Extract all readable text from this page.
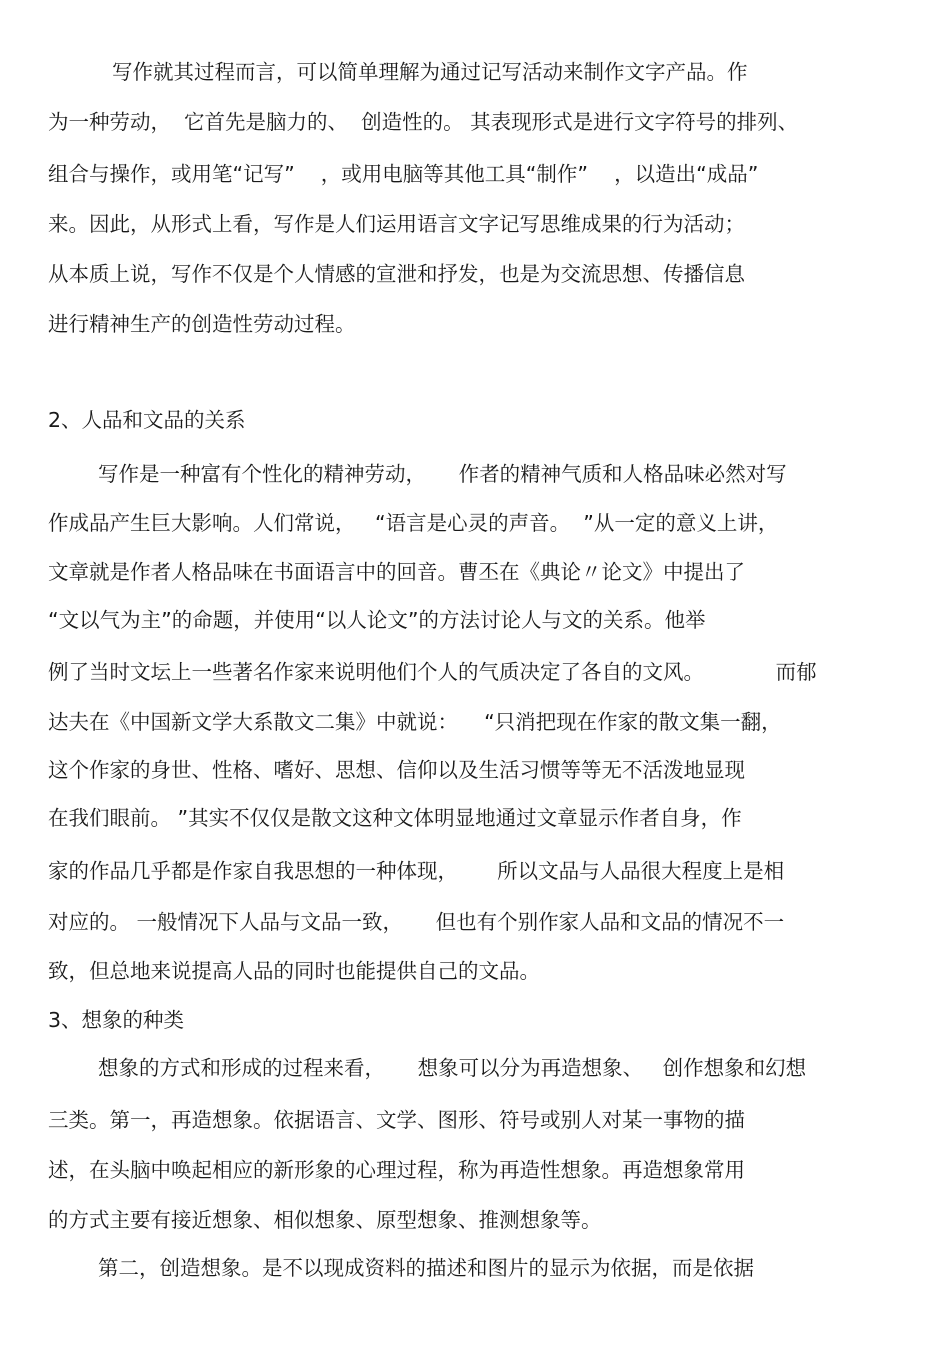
写作就其过程而言，可以简单理解为通过记写活动来制作文字产品。作
为一种劳动，  它首先是脑力的、  创造性的。 其表现形式是进行文字符号的排列、
组合与操作，或用笔“记写”    ，或用电脑等其他工具“制作”    ，以造出“成品”
来。因此，从形式上看，写作是人们运用语言文字记写思维成果的行为活动；
从本质上说，写作不仅是个人情感的宣泄和抒发，也是为交流思想、传播信息
进行精神生产的创造性劳动过程。
2、人品和文品的关系
写作是一种富有个性化的精神劳动，     作者的精神气质和人格品味必然对写
作成品产生巨大影响。人们常说，   “语言是心灵的声音。  ”从一定的意义上讲，
文章就是作者人格品味在书面语言中的回音。曹丕在《典论〃论文》中提出了
“文以气为主”的命题，并使用“以人论文”的方法讨论人与文的关系。他举
例了当时文坛上一些著名作家来说明他们个人的气质决定了各自的文风。           而郁
达夫在《中国新文学大系散文二集》中就说：    “只消把现在作家的散文集一翻，
这个作家的身世、性格、嗜好、思想、信仰以及生活习惯等等无不活泼地显现
在我们眼前。 ”其实不仅仅是散文这种文体明显地通过文章显示作者自身，作
家的作品几乎都是作家自我思想的一种体现，      所以文品与人品很大程度上是相
对应的。 一般情况下人品与文品一致，     但也有个别作家人品和文品的情况不一
致，但总地来说提高人品的同时也能提供自己的文品。
3、想象的种类
想象的方式和形成的过程来看，     想象可以分为再造想象、   创作想象和幻想
三类。第一，再造想象。依据语言、文学、图形、符号或别人对某一事物的描
述，在头脑中唤起相应的新形象的心理过程，称为再造性想象。再造想象常用
的方式主要有接近想象、相似想象、原型想象、推测想象等。
第二，创造想象。是不以现成资料的描述和图片的显示为依据，而是依据
